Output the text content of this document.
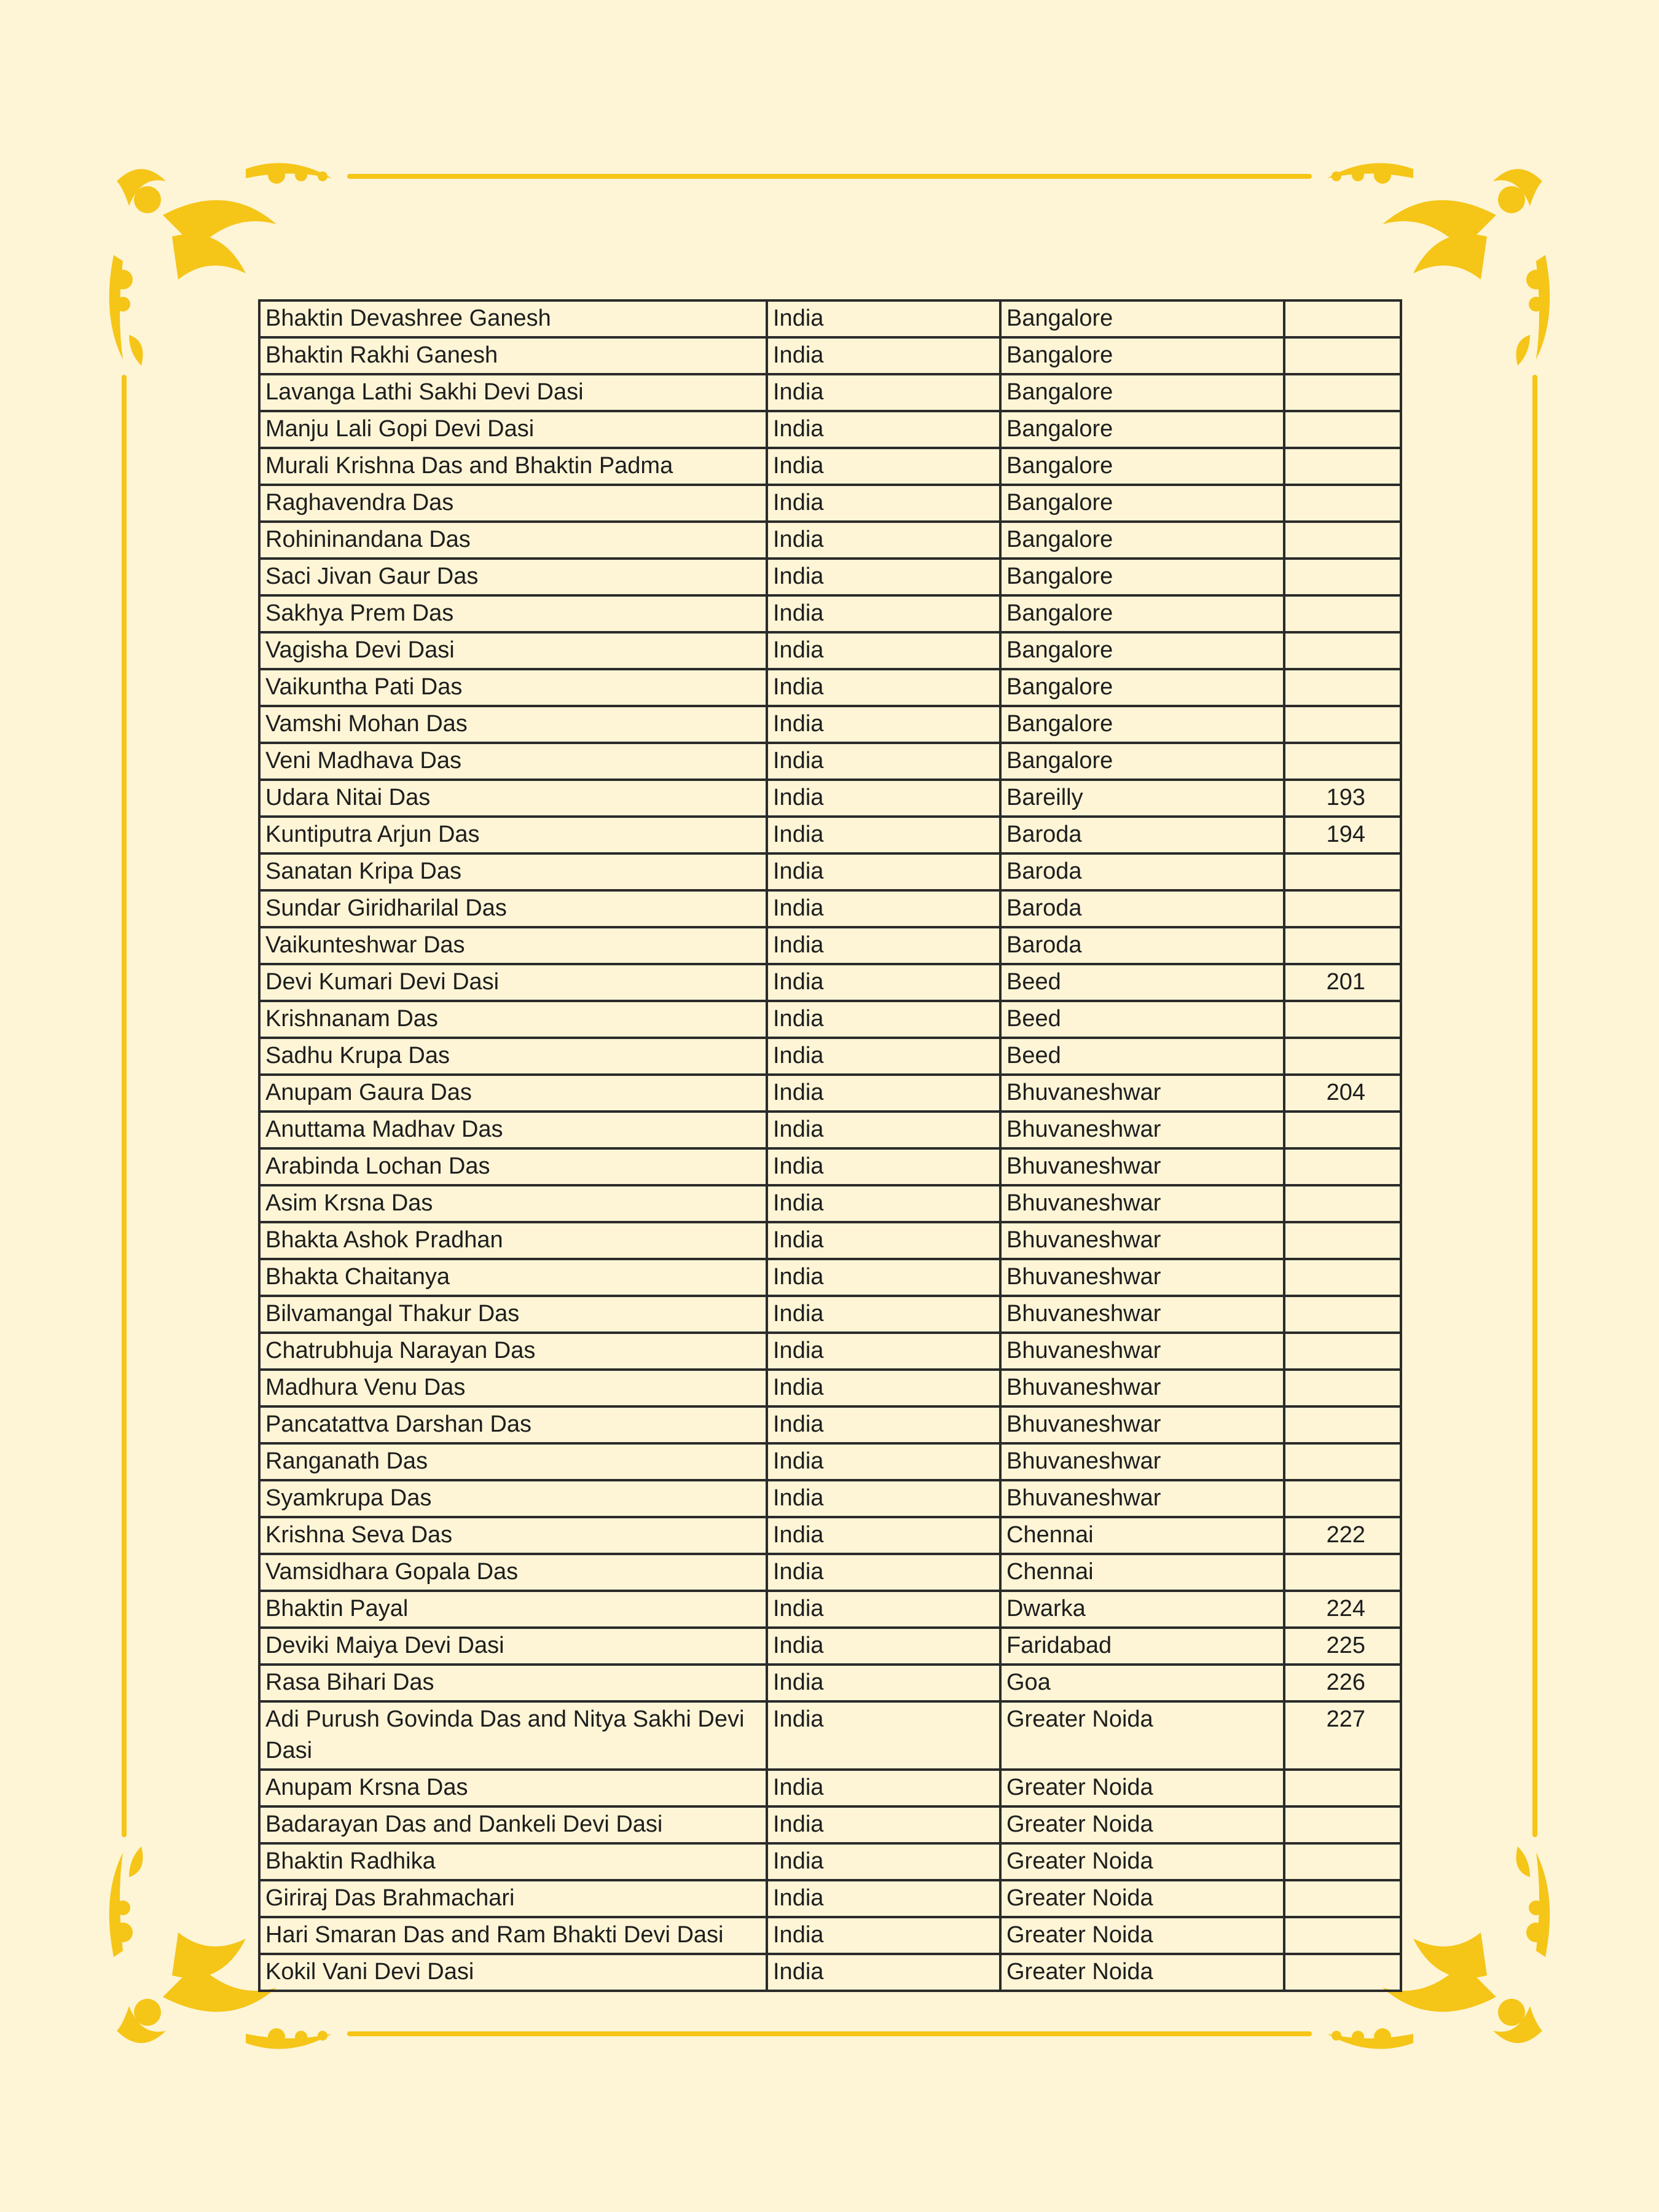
Bhaktin Devashree Ganesh	India	Bangalore	
Bhaktin Rakhi Ganesh	India	Bangalore	
Lavanga Lathi Sakhi Devi Dasi	India	Bangalore	
Manju Lali Gopi Devi Dasi	India	Bangalore	
Murali Krishna Das and Bhaktin Padma	India	Bangalore	
Raghavendra Das	India	Bangalore	
Rohininandana Das	India	Bangalore	
Saci Jivan Gaur Das	India	Bangalore	
Sakhya Prem Das	India	Bangalore	
Vagisha Devi Dasi	India	Bangalore	
Vaikuntha Pati Das	India	Bangalore	
Vamshi Mohan Das	India	Bangalore	
Veni Madhava Das	India	Bangalore	
Udara Nitai Das	India	Bareilly	193
Kuntiputra Arjun Das	India	Baroda	194
Sanatan Kripa Das	India	Baroda	
Sundar Giridharilal Das	India	Baroda	
Vaikunteshwar Das	India	Baroda	
Devi Kumari Devi Dasi	India	Beed	201
Krishnanam Das	India	Beed	
Sadhu Krupa Das	India	Beed	
Anupam Gaura Das	India	Bhuvaneshwar	204
Anuttama Madhav Das	India	Bhuvaneshwar	
Arabinda Lochan Das	India	Bhuvaneshwar	
Asim Krsna Das	India	Bhuvaneshwar	
Bhakta Ashok Pradhan	India	Bhuvaneshwar	
Bhakta Chaitanya	India	Bhuvaneshwar	
Bilvamangal Thakur Das	India	Bhuvaneshwar	
Chatrubhuja Narayan Das	India	Bhuvaneshwar	
Madhura Venu Das	India	Bhuvaneshwar	
Pancatattva Darshan Das	India	Bhuvaneshwar	
Ranganath Das	India	Bhuvaneshwar	
Syamkrupa Das	India	Bhuvaneshwar	
Krishna Seva Das	India	Chennai	222
Vamsidhara Gopala Das	India	Chennai	
Bhaktin Payal	India	Dwarka	224
Deviki Maiya Devi Dasi	India	Faridabad	225
Rasa Bihari Das	India	Goa	226
Adi Purush Govinda Das and Nitya Sakhi Devi Dasi	India	Greater Noida	227
Anupam Krsna Das	India	Greater Noida	
Badarayan Das and Dankeli Devi Dasi	India	Greater Noida	
Bhaktin Radhika	India	Greater Noida	
Giriraj Das Brahmachari	India	Greater Noida	
Hari Smaran Das and Ram Bhakti Devi Dasi	India	Greater Noida	
Kokil Vani Devi Dasi	India	Greater Noida	
